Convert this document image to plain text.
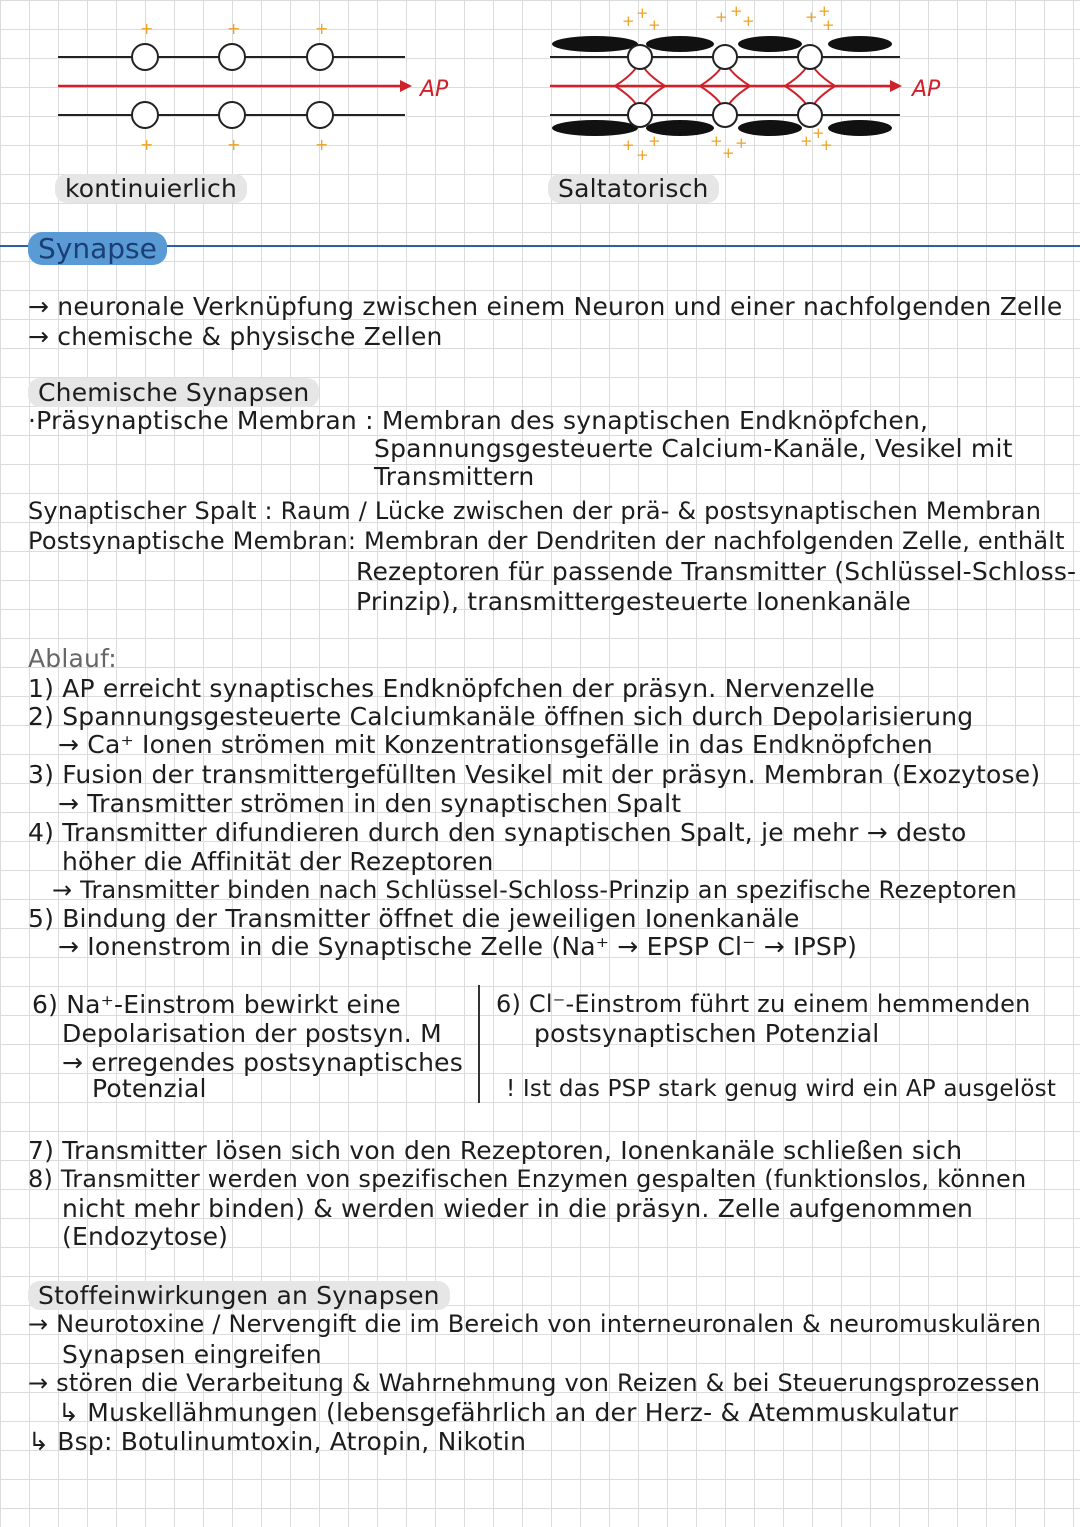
+	+	+
+	+	+
AP
+ +
+	+ +
+	+ +
+
+
+
+	+
+
+	+ +
+
AP
kontinuierlich	Saltatorisch
Synapse
→ neuronale Verknüpfung zwischen einem Neuron und einer nachfolgenden Zelle
→ chemische & physische Zellen
Chemische Synapsen
·Präsynaptische Membran : Membran des synaptischen Endknöpfchen,
Spannungsgesteuerte Calcium-Kanäle, Vesikel mit
Transmittern
Synaptischer Spalt : Raum / Lücke zwischen der prä- & postsynaptischen Membran
Postsynaptische Membran: Membran der Dendriten der nachfolgenden Zelle, enthält
Rezeptoren für passende Transmitter (Schlüssel-Schloss-
Prinzip), transmittergesteuerte Ionenkanäle
Ablauf:
1) AP erreicht synaptisches Endknöpfchen der präsyn. Nervenzelle
2) Spannungsgesteuerte Calciumkanäle öffnen sich durch Depolarisierung
→ Ca⁺ Ionen strömen mit Konzentrationsgefälle in das Endknöpfchen
3) Fusion der transmittergefüllten Vesikel mit der präsyn. Membran (Exozytose)
→ Transmitter strömen in den synaptischen Spalt
4) Transmitter difundieren durch den synaptischen Spalt, je mehr → desto
höher die Affinität der Rezeptoren
→ Transmitter binden nach Schlüssel-Schloss-Prinzip an spezifische Rezeptoren
5) Bindung der Transmitter öffnet die jeweiligen Ionenkanäle
→ Ionenstrom in die Synaptische Zelle (Na⁺ → EPSP Cl⁻ → IPSP)
6) Na⁺-Einstrom bewirkt eine
Depolarisation der postsyn. M
→ erregendes postsynaptisches
Potenzial
6) Cl⁻-Einstrom führt zu einem hemmenden
postsynaptischen Potenzial
! Ist das PSP stark genug wird ein AP ausgelöst
7) Transmitter lösen sich von den Rezeptoren, Ionenkanäle schließen sich
8) Transmitter werden von spezifischen Enzymen gespalten (funktionslos, können
nicht mehr binden) & werden wieder in die präsyn. Zelle aufgenommen
(Endozytose)
Stoffeinwirkungen an Synapsen
→ Neurotoxine / Nervengift die im Bereich von interneuronalen & neuromuskulären
Synapsen eingreifen
→ stören die Verarbeitung & Wahrnehmung von Reizen & bei Steuerungsprozessen
↳ Muskellähmungen (lebensgefährlich an der Herz- & Atemmuskulatur
↳ Bsp: Botulinumtoxin, Atropin, Nikotin
